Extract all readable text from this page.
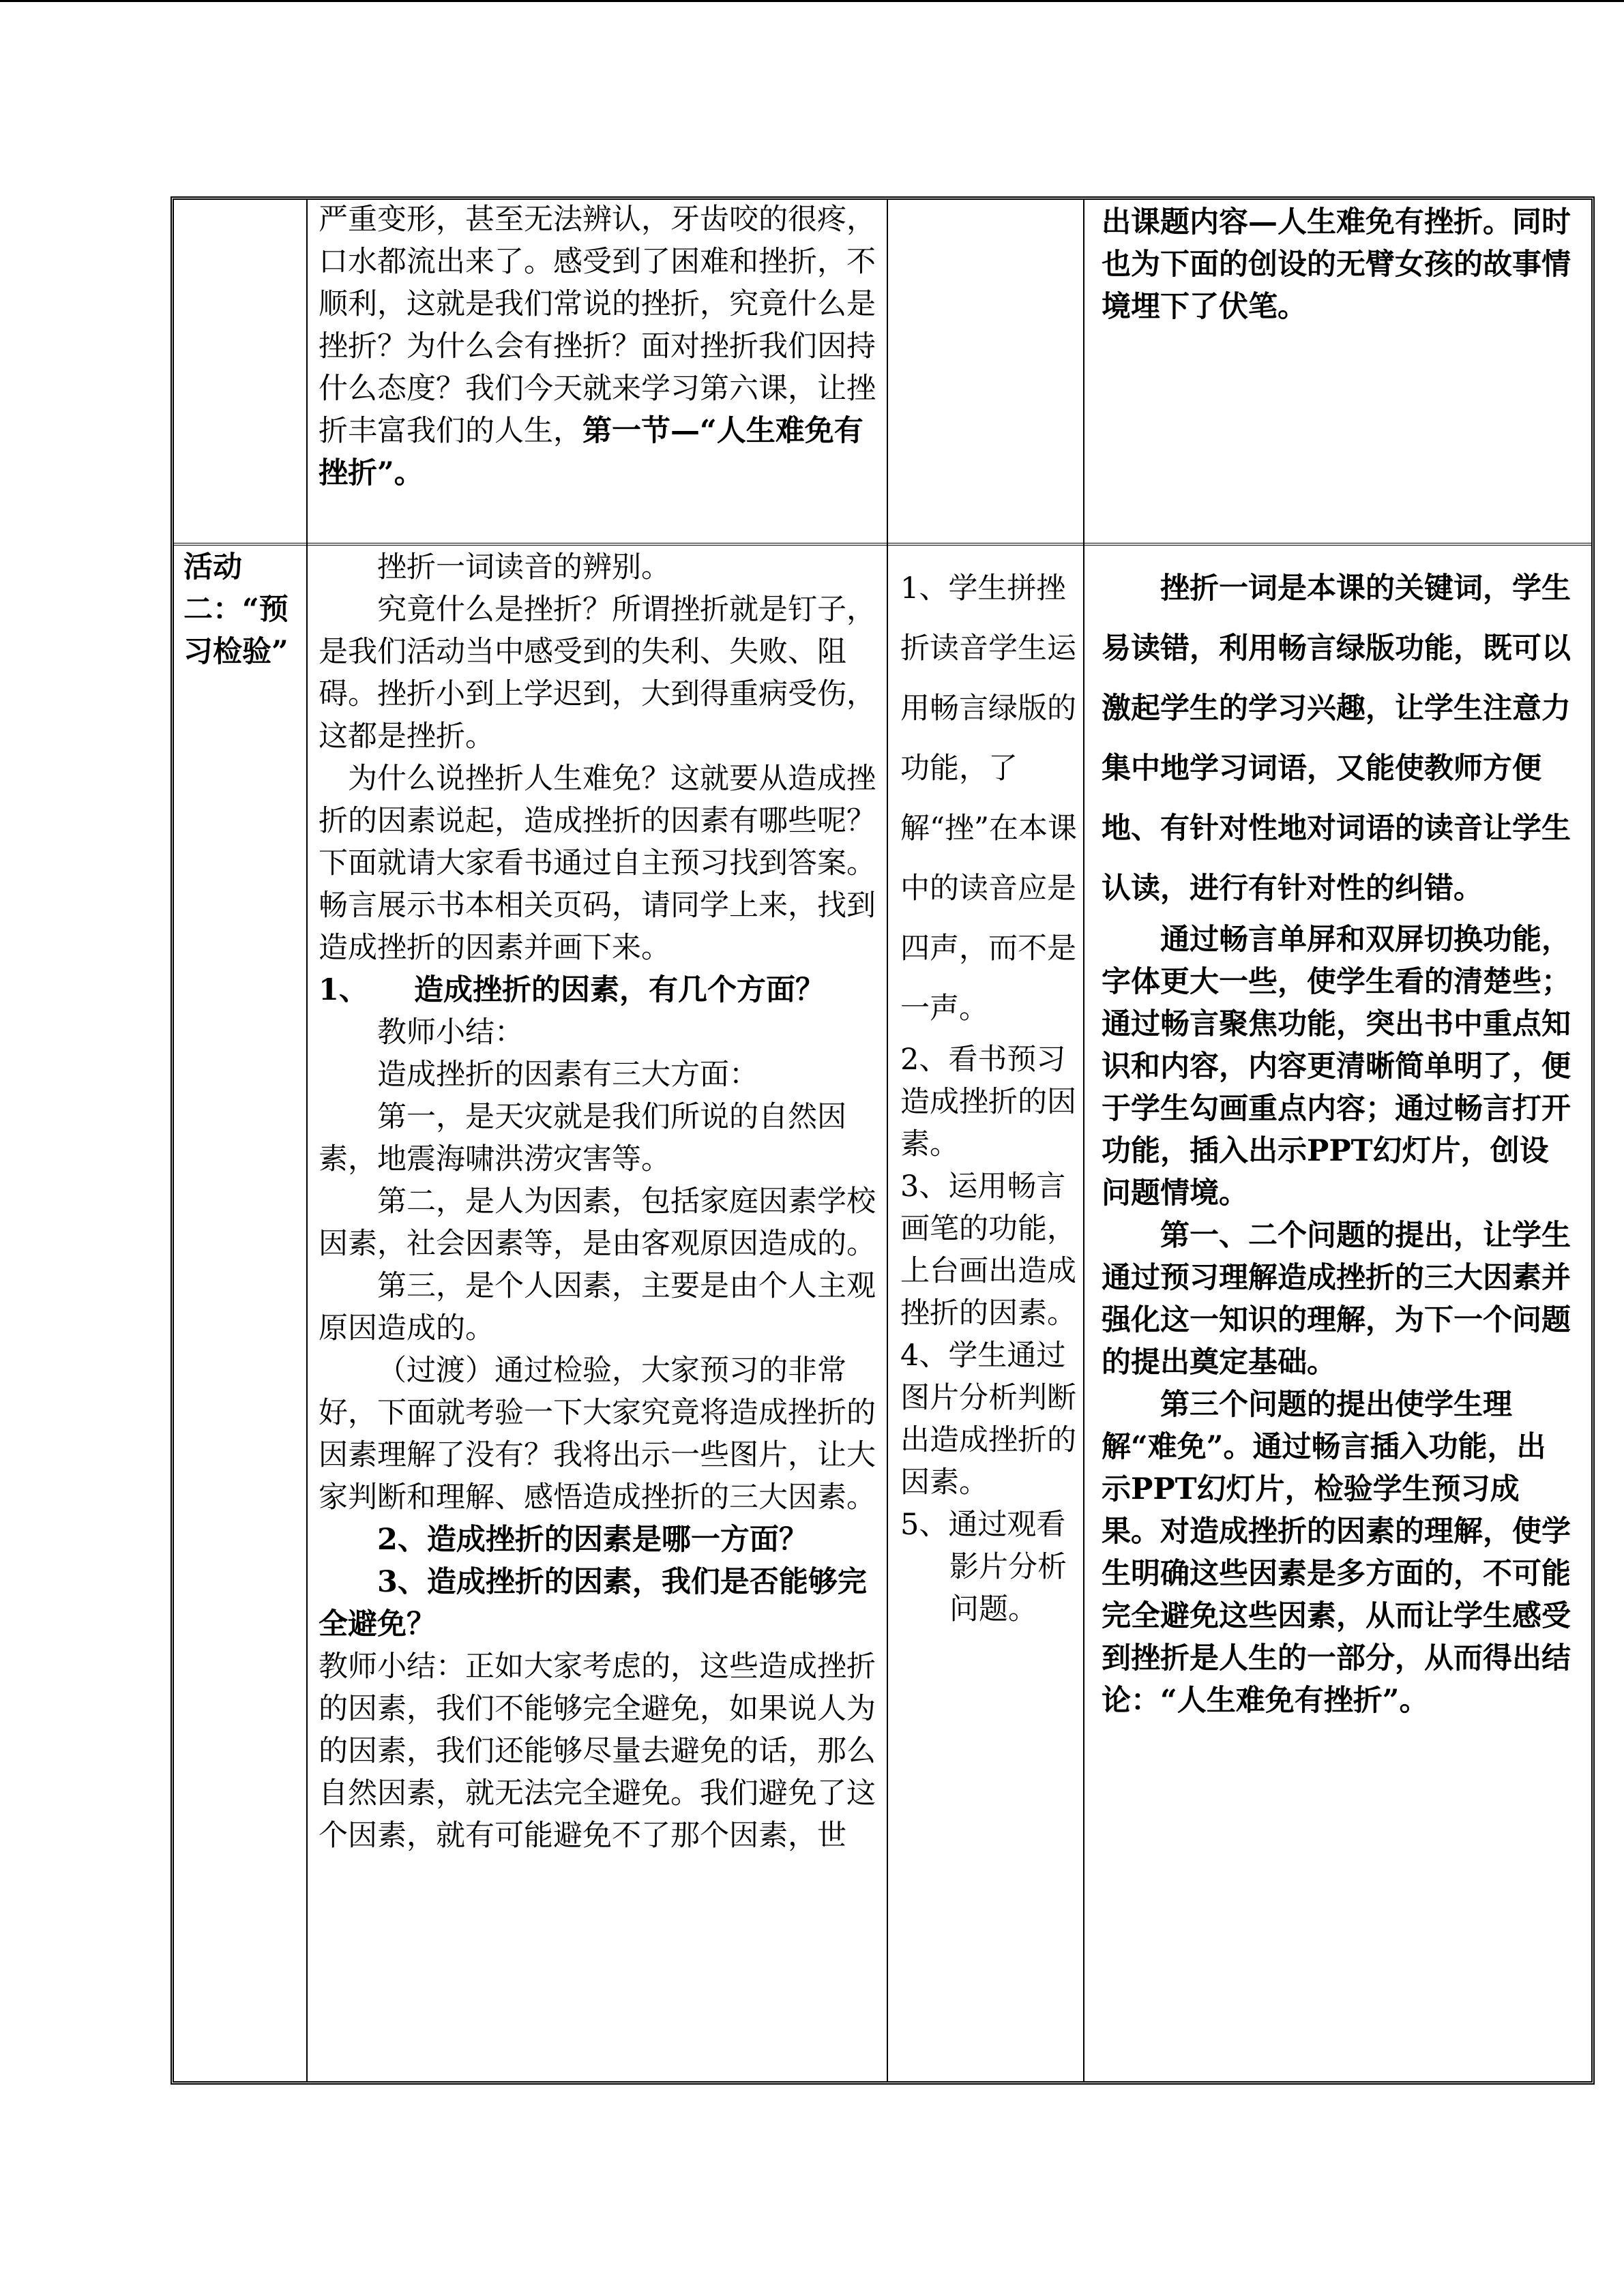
严重变形，甚至无法辨认，牙齿咬的很疼，口水都流出来了。感受到了困难和挫折，不顺利，这就是我们常说的挫折，究竟什么是挫折？为什么会有挫折？面对挫折我们因持什么态度？我们今天就来学习第六课，让挫折丰富我们的人生，第一节—“人生难免有挫折”。

出课题内容—人生难免有挫折。同时也为下面的创设的无臂女孩的故事情境埋下了伏笔。

活动二：“预习检验”

挫折一词读音的辨别。

究竟什么是挫折？所谓挫折就是钉子，是我们活动当中感受到的失利、失败、阻碍。挫折小到上学迟到，大到得重病受伤，这都是挫折。

为什么说挫折人生难免？这就要从造成挫折的因素说起，造成挫折的因素有哪些呢？下面就请大家看书通过自主预习找到答案。畅言展示书本相关页码，请同学上来，找到造成挫折的因素并画下来。

1、	造成挫折的因素，有几个方面？

教师小结：

造成挫折的因素有三大方面：

第一，是天灾就是我们所说的自然因素，地震海啸洪涝灾害等。

第二，是人为因素，包括家庭因素学校因素，社会因素等，是由客观原因造成的。

第三，是个人因素，主要是由个人主观原因造成的。

（过渡）通过检验，大家预习的非常好，下面就考验一下大家究竟将造成挫折的因素理解了没有？我将出示一些图片，让大家判断和理解、感悟造成挫折的三大因素。

2、造成挫折的因素是哪一方面？

3、造成挫折的因素，我们是否能够完全避免？

教师小结：正如大家考虑的，这些造成挫折的因素，我们不能够完全避免，如果说人为的因素，我们还能够尽量去避免的话，那么自然因素，就无法完全避免。我们避免了这个因素，就有可能避免不了那个因素，世

1、学生拼挫折读音学生运用畅言绿版的功能，了解“挫”在本课中的读音应是四声，而不是一声。

2、看书预习造成挫折的因素。

3、运用畅言画笔的功能，上台画出造成挫折的因素。

4、学生通过图片分析判断出造成挫折的因素。

5、通过观看影片分析问题。

挫折一词是本课的关键词，学生易读错，利用畅言绿版功能，既可以激起学生的学习兴趣，让学生注意力集中地学习词语，又能使教师方便地、有针对性地对词语的读音让学生认读，进行有针对性的纠错。

通过畅言单屏和双屏切换功能，字体更大一些，使学生看的清楚些；通过畅言聚焦功能，突出书中重点知识和内容，内容更清晰简单明了，便于学生勾画重点内容；通过畅言打开功能，插入出示PPT幻灯片，创设问题情境。

第一、二个问题的提出，让学生通过预习理解造成挫折的三大因素并强化这一知识的理解，为下一个问题的提出奠定基础。

第三个问题的提出使学生理解“难免”。通过畅言插入功能，出示PPT幻灯片，检验学生预习成果。对造成挫折的因素的理解，使学生明确这些因素是多方面的，不可能完全避免这些因素，从而让学生感受到挫折是人生的一部分，从而得出结论：“人生难免有挫折”。
